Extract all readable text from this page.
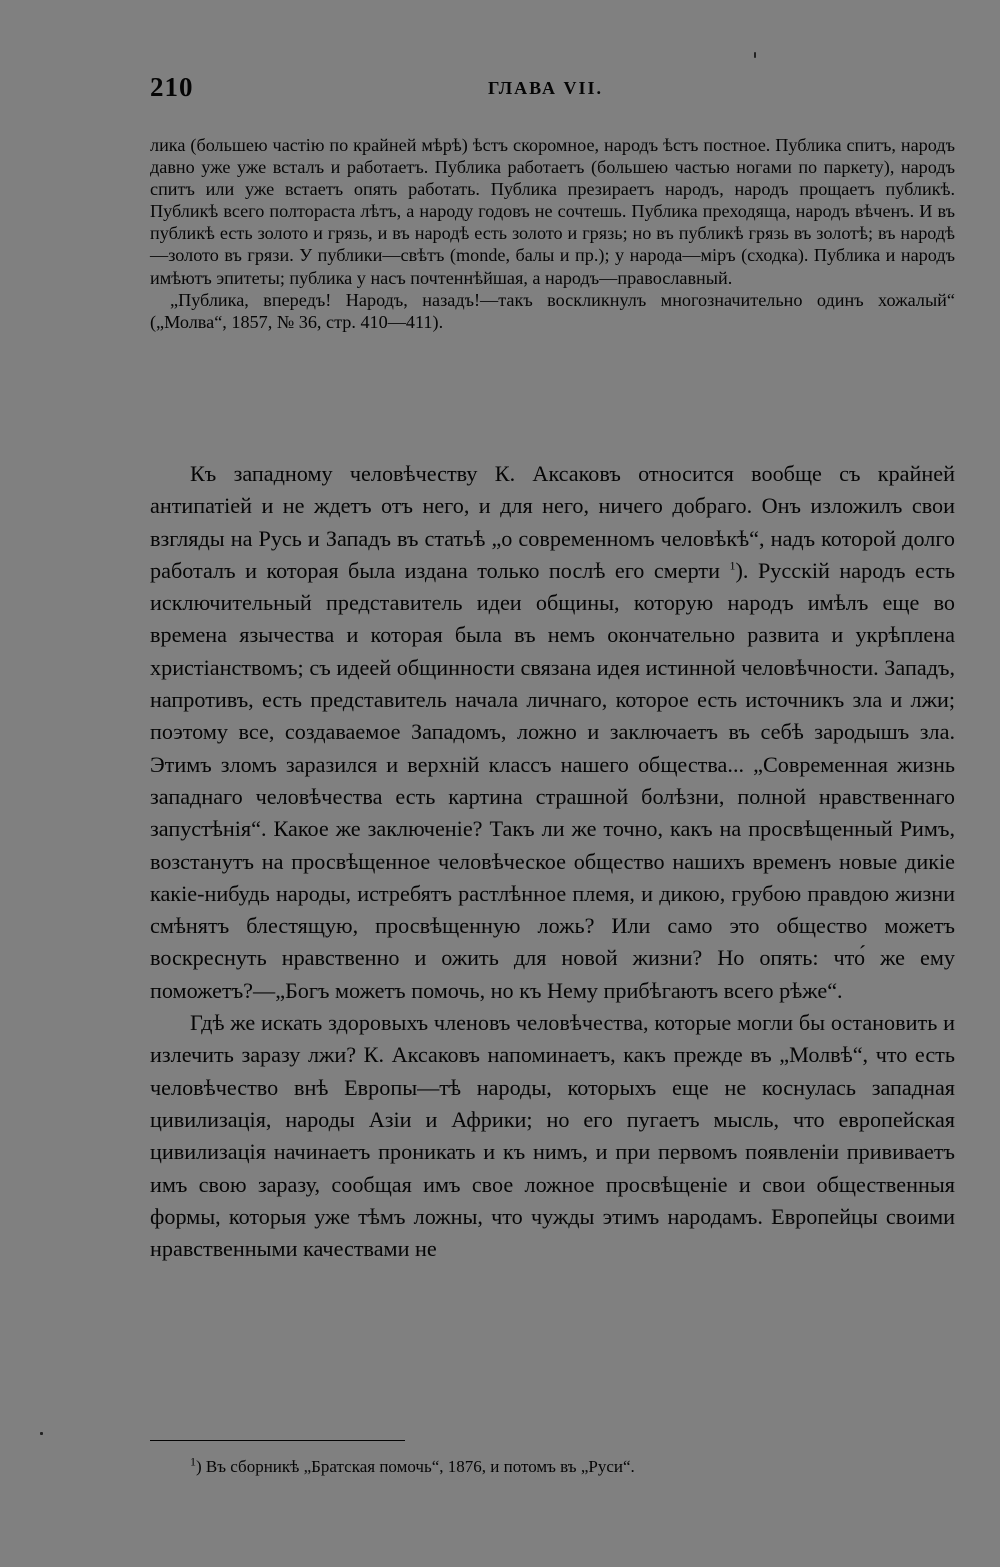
210	ГЛАВА VII.

лика (большею частію по крайней мѣрѣ) ѣстъ скоромное, народъ ѣстъ постное. Публика спитъ, народъ давно уже уже всталъ и работаетъ. Публика работаетъ (большею частью ногами по паркету), народъ спитъ или уже встаетъ опять работать. Публика презираетъ народъ, народъ прощаетъ публикѣ. Публикѣ всего полтораста лѣтъ, а народу годовъ не сочтешь. Публика преходяща, народъ вѣченъ. И въ публикѣ есть золото и грязь, и въ народѣ есть золото и грязь; но въ публикѣ грязь въ золотѣ; въ народѣ—золото въ грязи. У публики—свѣтъ (monde, балы и пр.); у народа—міръ (сходка). Публика и народъ имѣютъ эпитеты; публика у насъ почтеннѣйшая, а народъ—православный.

„Публика, впередъ! Народъ, назадъ!—такъ воскликнулъ многозначительно одинъ хожалый“ („Молва“, 1857, № 36, стр. 410—411).

Къ западному человѣчеству К. Аксаковъ относится вообще съ крайней антипатіей и не ждетъ отъ него, и для него, ничего добраго. Онъ изложилъ свои взгляды на Русь и Западъ въ статьѣ „о современномъ человѣкѣ“, надъ которой долго работалъ и которая была издана только послѣ его смерти $^1$). Русскій народъ есть исключительный представитель идеи общины, которую народъ имѣлъ еще во времена язычества и которая была въ немъ окончательно развита и укрѣплена христіанствомъ; съ идеей общинности связана идея истинной человѣчности. Западъ, напротивъ, есть представитель начала личнаго, которое есть источникъ зла и лжи; поэтому все, создаваемое Западомъ, ложно и заключаетъ въ себѣ зародышъ зла. Этимъ зломъ заразился и верхній классъ нашего общества... „Современная жизнь западнаго человѣчества есть картина страшной болѣзни, полной нравственнаго запустѣнія“. Какое же заключеніе? Такъ ли же точно, какъ на просвѣщенный Римъ, возстанутъ на просвѣщенное человѣческое общество нашихъ временъ новые дикіе какіе-нибудь народы, истребятъ растлѣнное племя, и дикою, грубою правдою жизни смѣнятъ блестящую, просвѣщенную ложь? Или само это общество можетъ воскреснуть нравственно и ожить для новой жизни? Но опять: что́ же ему поможетъ?—„Богъ можетъ помочь, но къ Нему прибѣгаютъ всего рѣже“.

Гдѣ же искать здоровыхъ членовъ человѣчества, которые могли бы остановить и излечить заразу лжи? К. Аксаковъ напоминаетъ, какъ прежде въ „Молвѣ“, что есть человѣчество внѣ Европы—тѣ народы, которыхъ еще не коснулась западная цивилизація, народы Азіи и Африки; но его пугаетъ мысль, что европейская цивилизація начинаетъ проникать и къ нимъ, и при первомъ появленіи прививаетъ имъ свою заразу, сообщая имъ свое ложное просвѣщеніе и свои общественныя формы, которыя уже тѣмъ ложны, что чужды этимъ народамъ. Европейцы своими нравственными качествами не

$^1$) Въ сборникѣ „Братская помочь“, 1876, и потомъ въ „Руси“.
